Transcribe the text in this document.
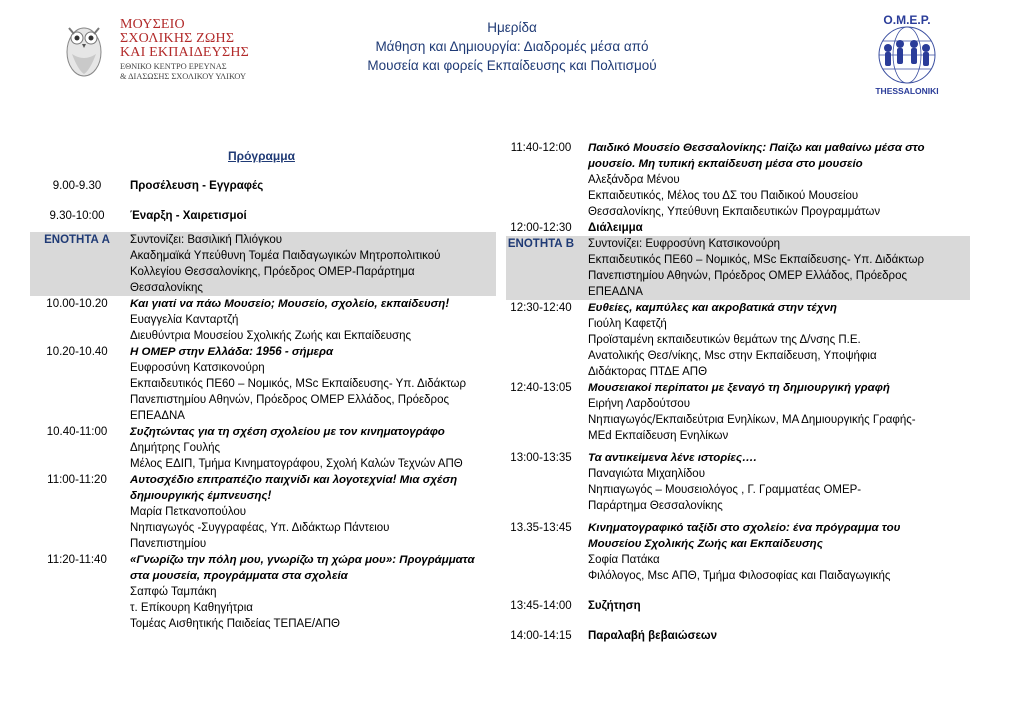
ΜΟΥΣΕΙΟ
ΣΧΟΛΙΚΗΣ ΖΩΗΣ
ΚΑΙ ΕΚΠΑΙΔΕΥΣΗΣ
ΕΘΝΙΚΟ ΚΕΝΤΡΟ ΕΡΕΥΝΑΣ
& ΔΙΑΣΩΣΗΣ ΣΧΟΛΙΚΟΥ ΥΛΙΚΟΥ
Ημερίδα
Μάθηση και Δημιουργία: Διαδρομές μέσα από
Μουσεία και φορείς Εκπαίδευσης και Πολιτισμού
O.M.E.P.
THESSALONIKI
Πρόγραμμα
9.00-9.30	Προσέλευση - Εγγραφές
9.30-10:00	Έναρξη - Χαιρετισμοί
ΕΝΟΤΗΤΑ Α	Συντονίζει: Βασιλική Πλιόγκου
Ακαδημαϊκά Υπεύθυνη Τομέα Παιδαγωγικών Μητροπολιτικού
Κολλεγίου Θεσσαλονίκης, Πρόεδρος ΟΜΕΡ-Παράρτημα
Θεσσαλονίκης
10.00-10.20	Και γιατί να πάω Μουσείο; Μουσείο, σχολείο, εκπαίδευση!
Ευαγγελία Κανταρτζή
Διευθύντρια Μουσείου Σχολικής Ζωής και Εκπαίδευσης
10.20-10.40	Η ΟΜΕΡ στην Ελλάδα: 1956 - σήμερα
Ευφροσύνη Κατσικονούρη
Εκπαιδευτικός ΠΕ60 – Νομικός, MSc Εκπαίδευσης- Υπ. Διδάκτωρ
Πανεπιστημίου Αθηνών, Πρόεδρος ΟΜΕΡ Ελλάδος, Πρόεδρος
ΕΠΕΑΔΝΑ
10.40-11:00	Συζητώντας για τη σχέση σχολείου με τον κινηματογράφο
Δημήτρης Γουλής
Μέλος ΕΔΙΠ, Τμήμα Κινηματογράφου, Σχολή Καλών Τεχνών ΑΠΘ
11:00-11:20	Αυτοσχέδιο επιτραπέζιο παιχνίδι και λογοτεχνία! Μια σχέση
δημιουργικής έμπνευσης!
Μαρία Πετκανοπούλου
Νηπιαγωγός -Συγγραφέας, Υπ. Διδάκτωρ Πάντειου
Πανεπιστημίου
11:20-11:40	«Γνωρίζω την πόλη μου, γνωρίζω τη χώρα μου»: Προγράμματα
στα μουσεία, προγράμματα στα σχολεία
Σαπφώ Ταμπάκη
τ. Επίκουρη Καθηγήτρια
Τομέας Αισθητικής Παιδείας ΤΕΠΑΕ/ΑΠΘ
11:40-12:00	Παιδικό Μουσείο Θεσσαλονίκης: Παίζω και μαθαίνω μέσα στο
μουσείο. Μη τυπική εκπαίδευση μέσα στο μουσείο
Αλεξάνδρα Μένου
Εκπαιδευτικός, Μέλος του ΔΣ του Παιδικού Μουσείου
Θεσσαλονίκης, Υπεύθυνη Εκπαιδευτικών Προγραμμάτων
12:00-12:30	Διάλειμμα
ΕΝΟΤΗΤΑ Β Συντονίζει: Ευφροσύνη Κατσικονούρη
Εκπαιδευτικός ΠΕ60 – Νομικός, MSc Εκπαίδευσης- Υπ. Διδάκτωρ
Πανεπιστημίου Αθηνών, Πρόεδρος ΟΜΕΡ Ελλάδος, Πρόεδρος
ΕΠΕΑΔΝΑ
12:30-12:40	Ευθείες, καμπύλες και ακροβατικά στην τέχνη
Γιούλη Καφετζή
Προϊσταμένη εκπαιδευτικών θεμάτων της Δ/νσης Π.Ε.
Ανατολικής Θεσ/νίκης, Msc στην Εκπαίδευση, Υποψήφια
Διδάκτορας ΠΤΔΕ ΑΠΘ
12:40-13:05	Μουσειακοί περίπατοι με ξεναγό τη δημιουργική γραφή
Ειρήνη Λαρδούτσου
Νηπιαγωγός/Εκπαιδεύτρια Ενηλίκων, ΜΑ Δημιουργικής Γραφής-
ΜΕd Εκπαίδευση Ενηλίκων
13:00-13:35	Τα αντικείμενα λένε ιστορίες….
Παναγιώτα Μιχαηλίδου
Νηπιαγωγός – Μουσειολόγος , Γ. Γραμματέας ΟΜΕΡ-
Παράρτημα Θεσσαλονίκης
13.35-13:45	Κινηματογραφικό ταξίδι στο σχολείο: ένα πρόγραμμα του
Μουσείου Σχολικής Ζωής και Εκπαίδευσης
Σοφία Πατάκα
Φιλόλογος, Msc ΑΠΘ, Τμήμα Φιλοσοφίας και Παιδαγωγικής
13:45-14:00	Συζήτηση
14:00-14:15	Παραλαβή βεβαιώσεων
